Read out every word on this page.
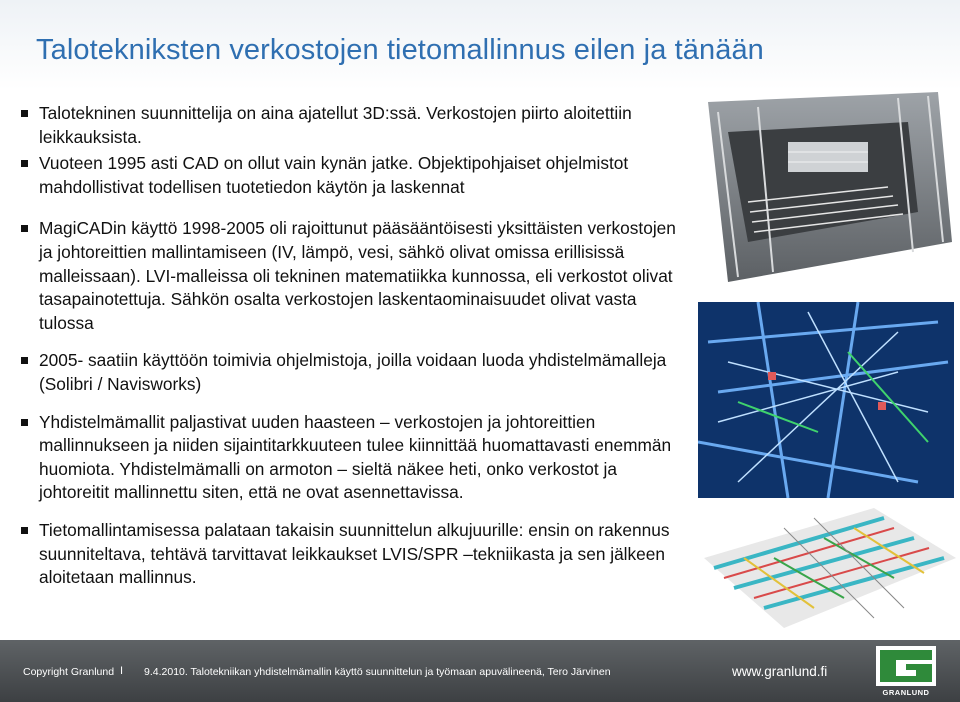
Talotekniksten verkostojen tietomallinnus eilen ja tänään
Talotekninen suunnittelija on aina ajatellut 3D:ssä. Verkostojen piirto aloitettiin leikkauksista.
Vuoteen 1995 asti CAD on ollut vain kynän jatke. Objektipohjaiset ohjelmistot mahdollistivat todellisen tuotetiedon käytön ja laskennat
MagiCADin käyttö 1998-2005 oli rajoittunut pääsääntöisesti yksittäisten verkostojen ja johtoreittien mallintamiseen (IV, lämpö, vesi, sähkö olivat omissa erillisissä malleissaan). LVI-malleissa oli tekninen matematiikka kunnossa, eli verkostot olivat tasapainotettuja. Sähkön osalta verkostojen laskentaominaisuudet olivat vasta tulossa
2005- saatiin käyttöön toimivia ohjelmistoja, joilla voidaan luoda yhdistelmämalleja (Solibri / Navisworks)
Yhdistelmämallit paljastivat uuden haasteen – verkostojen ja johtoreittien mallinnukseen ja niiden sijaintitarkkuuteen tulee kiinnittää huomattavasti enemmän huomiota. Yhdistelmämalli on armoton – sieltä näkee heti, onko verkostot ja johtoreitit mallinnettu siten, että ne ovat asennettavissa.
Tietomallintamisessa palataan takaisin suunnittelun alkujuurille: ensin on rakennus suunniteltava, tehtävä tarvittavat leikkaukset LVIS/SPR –tekniikasta ja sen jälkeen aloitetaan mallinnus.
Copyright Granlund I 9.4.2010. Talotekniikan yhdistelmämallin käyttö suunnittelun ja työmaan apuvälineenä, Tero Järvinen	www.granlund.fi
GRANLUND
